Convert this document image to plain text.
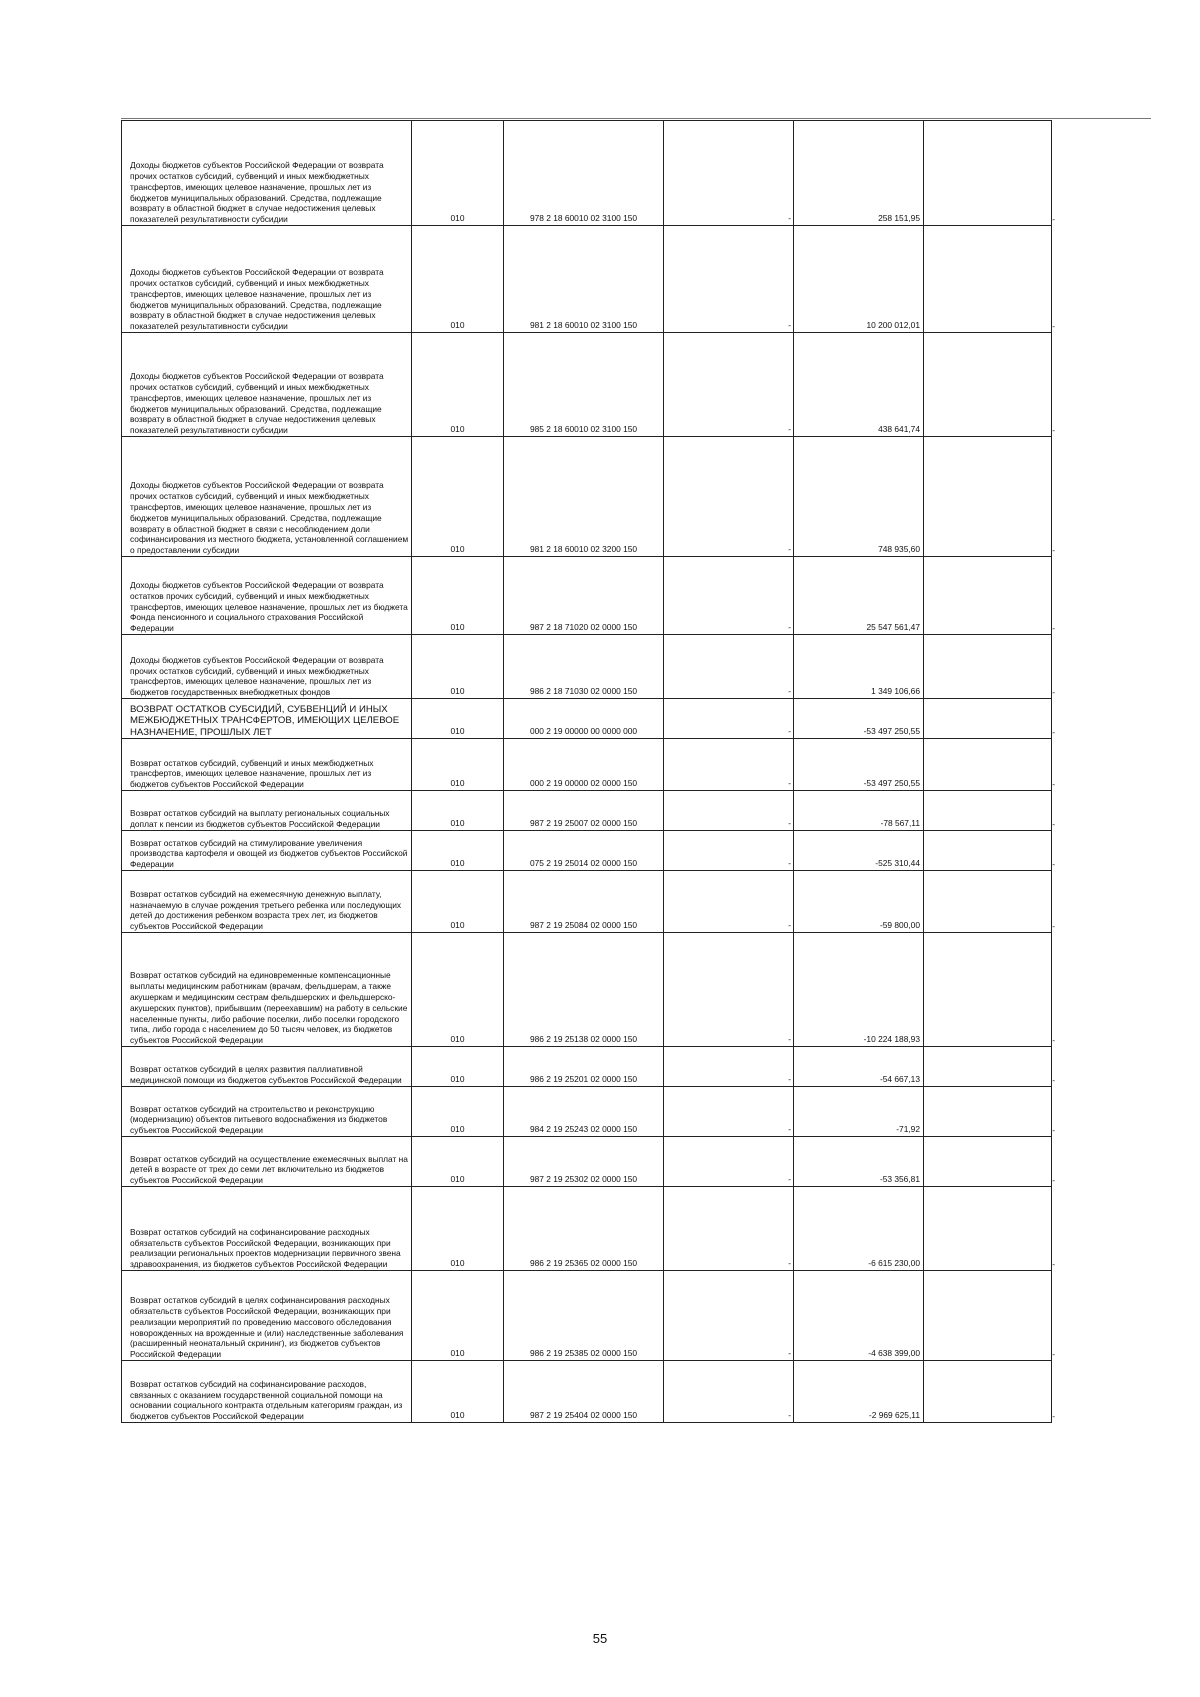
Доходы бюджетов субъектов Российской Федерации от возврата прочих остатков субсидий, субвенций и иных межбюджетных трансфертов, имеющих целевое назначение, прошлых лет из бюджетов муниципальных образований. Средства, подлежащие возврату в областной бюджет в случае недостижения целевых показателей результативности субсидии	010	978 2 18 60010 02 3100 150	-	258 151,95	-

Доходы бюджетов субъектов Российской Федерации от возврата прочих остатков субсидий, субвенций и иных межбюджетных трансфертов, имеющих целевое назначение, прошлых лет из бюджетов муниципальных образований. Средства, подлежащие возврату в областной бюджет в случае недостижения целевых показателей результативности субсидии	010	981 2 18 60010 02 3100 150	-	10 200 012,01	-

Доходы бюджетов субъектов Российской Федерации от возврата прочих остатков субсидий, субвенций и иных межбюджетных трансфертов, имеющих целевое назначение, прошлых лет из бюджетов муниципальных образований. Средства, подлежащие возврату в областной бюджет в случае недостижения целевых показателей результативности субсидии	010	985 2 18 60010 02 3100 150	-	438 641,74	-

Доходы бюджетов субъектов Российской Федерации от возврата прочих остатков субсидий, субвенций и иных межбюджетных трансфертов, имеющих целевое назначение, прошлых лет из бюджетов муниципальных образований. Средства, подлежащие возврату в областной бюджет в связи с несоблюдением доли софинансирования из местного бюджета, установленной соглашением о предоставлении субсидии	010	981 2 18 60010 02 3200 150	-	748 935,60	-

Доходы бюджетов субъектов Российской Федерации от возврата остатков прочих субсидий, субвенций и иных межбюджетных трансфертов, имеющих целевое назначение, прошлых лет из бюджета Фонда пенсионного и социального страхования Российской Федерации	010	987 2 18 71020 02 0000 150	-	25 547 561,47	-

Доходы бюджетов субъектов Российской Федерации от возврата прочих остатков субсидий, субвенций и иных межбюджетных трансфертов, имеющих целевое назначение, прошлых лет из бюджетов государственных внебюджетных фондов	010	986 2 18 71030 02 0000 150	-	1 349 106,66	-

ВОЗВРАТ ОСТАТКОВ СУБСИДИЙ, СУБВЕНЦИЙ И ИНЫХ МЕЖБЮДЖЕТНЫХ ТРАНСФЕРТОВ, ИМЕЮЩИХ ЦЕЛЕВОЕ НАЗНАЧЕНИЕ, ПРОШЛЫХ ЛЕТ	010	000 2 19 00000 00 0000 000	-	-53 497 250,55	-

Возврат остатков субсидий, субвенций и иных межбюджетных трансфертов, имеющих целевое назначение, прошлых лет из бюджетов субъектов Российской Федерации	010	000 2 19 00000 02 0000 150	-	-53 497 250,55	-

Возврат остатков субсидий на выплату региональных социальных доплат к пенсии из бюджетов субъектов Российской Федерации	010	987 2 19 25007 02 0000 150	-	-78 567,11	-

Возврат остатков субсидий на стимулирование увеличения производства картофеля и овощей из бюджетов субъектов Российской Федерации	010	075 2 19 25014 02 0000 150	-	-525 310,44	-

Возврат остатков субсидий на ежемесячную денежную выплату, назначаемую в случае рождения третьего ребенка или последующих детей до достижения ребенком возраста трех лет, из бюджетов субъектов Российской Федерации	010	987 2 19 25084 02 0000 150	-	-59 800,00	-

Возврат остатков субсидий на единовременные компенсационные выплаты медицинским работникам (врачам, фельдшерам, а также акушеркам и медицинским сестрам фельдшерских и фельдшерско-акушерских пунктов), прибывшим (переехавшим) на работу в сельские населенные пункты, либо рабочие поселки, либо поселки городского типа, либо города с населением до 50 тысяч человек, из бюджетов субъектов Российской Федерации	010	986 2 19 25138 02 0000 150	-	-10 224 188,93	-

Возврат остатков субсидий в целях развития паллиативной медицинской помощи из бюджетов субъектов Российской Федерации	010	986 2 19 25201 02 0000 150	-	-54 667,13	-

Возврат остатков субсидий на строительство и реконструкцию (модернизацию) объектов питьевого водоснабжения из бюджетов субъектов Российской Федерации	010	984 2 19 25243 02 0000 150	-	-71,92	-

Возврат остатков субсидий на осуществление ежемесячных выплат на детей в возрасте от трех до семи лет включительно из бюджетов субъектов Российской Федерации	010	987 2 19 25302 02 0000 150	-	-53 356,81	-

Возврат остатков субсидий на софинансирование расходных обязательств субъектов Российской Федерации, возникающих при реализации региональных проектов модернизации первичного звена здравоохранения, из бюджетов субъектов Российской Федерации	010	986 2 19 25365 02 0000 150	-	-6 615 230,00	-

Возврат остатков субсидий в целях софинансирования расходных обязательств субъектов Российской Федерации, возникающих при реализации мероприятий по проведению массового обследования новорожденных на врожденные и (или) наследственные заболевания (расширенный неонатальный скрининг), из бюджетов субъектов Российской Федерации	010	986 2 19 25385 02 0000 150	-	-4 638 399,00	-

Возврат остатков субсидий на софинансирование расходов, связанных с оказанием государственной социальной помощи на основании социального контракта отдельным категориям граждан, из бюджетов субъектов Российской Федерации	010	987 2 19 25404 02 0000 150	-	-2 969 625,11	-
55
